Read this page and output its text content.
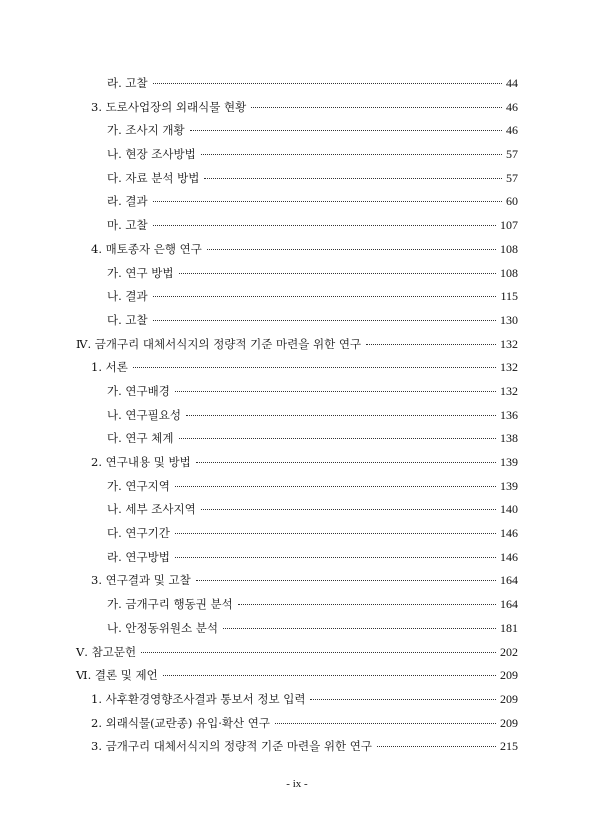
라. 고찰	44
3. 도로사업장의 외래식물 현황	46
가. 조사지 개황	46
나. 현장 조사방법	57
다. 자료 분석 방법	57
라. 결과	60
마. 고찰	107
4. 매토종자 은행 연구	108
가. 연구 방법	108
나. 결과	115
다. 고찰	130
Ⅳ. 금개구리 대체서식지의 정량적 기준 마련을 위한 연구	132
1. 서론	132
가. 연구배경	132
나. 연구필요성	136
다. 연구 체계	138
2. 연구내용 및 방법	139
가. 연구지역	139
나. 세부 조사지역	140
다. 연구기간	146
라. 연구방법	146
3. 연구결과 및 고찰	164
가. 금개구리 행동권 분석	164
나. 안정동위원소 분석	181
Ⅴ. 참고문헌	202
Ⅵ. 결론 및 제언	209
1. 사후환경영향조사결과 통보서 정보 입력	209
2. 외래식물(교란종) 유입·확산 연구	209
3. 금개구리 대체서식지의 정량적 기준 마련을 위한 연구	215
- ix -
